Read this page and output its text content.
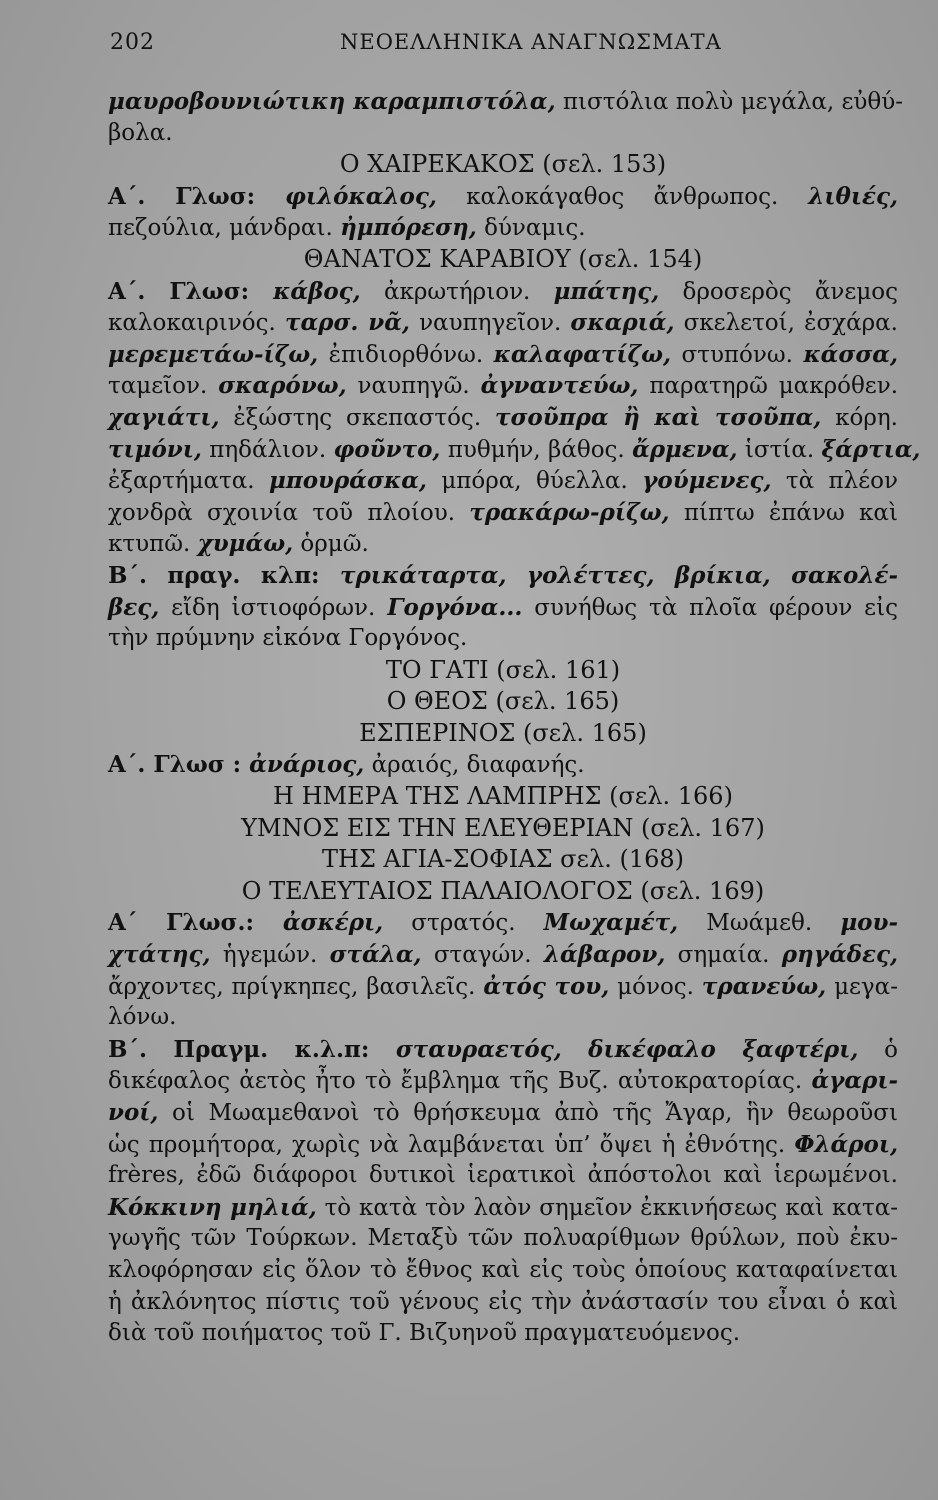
202	ΝΕΟΕΛΛΗΝΙΚΑ ΑΝΑΓΝΩΣΜΑΤΑ
μαυροβουνιώτικη καραμπιστόλα, πιστόλια πολὺ μεγάλα, εὐθύ-
βολα.
Ο ΧΑΙΡΕΚΑΚΟΣ (σελ. 153)
Α΄. Γλωσ: φιλόκαλος, καλοκάγαθος ἄνθρωπος. λιθιές,
πεζούλια, μάνδραι. ἠμπόρεση, δύναμις.
ΘΑΝΑΤΟΣ ΚΑΡΑΒΙΟΥ (σελ. 154)
Α΄. Γλωσ: κάβος, ἀκρωτήριον. μπάτης, δροσερὸς ἄνεμος
καλοκαιρινός. ταρσ. νᾶ, ναυπηγεῖον. σκαριά, σκελετοί, ἐσχάρα.
μερεμετάω-ίζω, ἐπιδιορθόνω. καλαφατίζω, στυπόνω. κάσσα,
ταμεῖον. σκαρόνω, ναυπηγῶ. ἀγναντεύω, παρατηρῶ μακρόθεν.
χαγιάτι, ἐξώστης σκεπαστός. τσοῦπρα ἢ καὶ τσοῦπα, κόρη.
τιμόνι, πηδάλιον. φοῦντο, πυθμήν, βάθος. ἄρμενα, ἱστία. ξάρτια,
ἐξαρτήματα. μπουράσκα, μπόρα, θύελλα. γούμενες, τὰ πλέον
χονδρὰ σχοινία τοῦ πλοίου. τρακάρω-ρίζω, πίπτω ἐπάνω καὶ
κτυπῶ. χυμάω, ὁρμῶ.
Β΄. πραγ. κλπ: τρικάταρτα, γολέττες, βρίκια, σακολέ-
βες, εἴδη ἱστιοφόρων. Γοργόνα... συνήθως τὰ πλοῖα φέρουν εἰς
τὴν πρύμνην εἰκόνα Γοργόνος.
ΤΟ ΓΑΤΙ (σελ. 161)
Ο ΘΕΟΣ (σελ. 165)
ΕΣΠΕΡΙΝΟΣ (σελ. 165)
Α΄. Γλωσ : ἀνάριος, ἀραιός, διαφανής.
Η ΗΜΕΡΑ ΤΗΣ ΛΑΜΠΡΗΣ (σελ. 166)
ΥΜΝΟΣ ΕΙΣ ΤΗΝ ΕΛΕΥΘΕΡΙΑΝ (σελ. 167)
ΤΗΣ ΑΓΙΑ-ΣΟΦΙΑΣ σελ. (168)
Ο ΤΕΛΕΥΤΑΙΟΣ ΠΑΛΑΙΟΛΟΓΟΣ (σελ. 169)
Α΄ Γλωσ.: ἀσκέρι, στρατός. Μωχαμέτ, Μωάμεθ. μου-
χτάτης, ἡγεμών. στάλα, σταγών. λάβαρον, σημαία. ρηγάδες,
ἄρχοντες, πρίγκηπες, βασιλεῖς. ἀτός του, μόνος. τρανεύω, μεγα-
λόνω.
Β΄. Πραγμ. κ.λ.π: σταυραετός, δικέφαλο ξαφτέρι, ὁ
δικέφαλος ἀετὸς ἦτο τὸ ἔμβλημα τῆς Βυζ. αὐτοκρατορίας. ἀγαρι-
νοί, οἱ Μωαμεθανοὶ τὸ θρήσκευμα ἀπὸ τῆς Ἄγαρ, ἣν θεωροῦσι
ὡς προμήτορα, χωρὶς νὰ λαμβάνεται ὑπ’ ὄψει ἡ ἐθνότης. Φλάροι,
frères, ἐδῶ διάφοροι δυτικοὶ ἱερατικοὶ ἀπόστολοι καὶ ἱερωμένοι.
Κόκκινη μηλιά, τὸ κατὰ τὸν λαὸν σημεῖον ἐκκινήσεως καὶ κατα-
γωγῆς τῶν Τούρκων. Μεταξὺ τῶν πολυαρίθμων θρύλων, ποὺ ἐκυ-
κλοφόρησαν εἰς ὅλον τὸ ἔθνος καὶ εἰς τοὺς ὁποίους καταφαίνεται
ἡ ἀκλόνητος πίστις τοῦ γένους εἰς τὴν ἀνάστασίν του εἶναι ὁ καὶ
διὰ τοῦ ποιήματος τοῦ Γ. Βιζυηνοῦ πραγματευόμενος.
